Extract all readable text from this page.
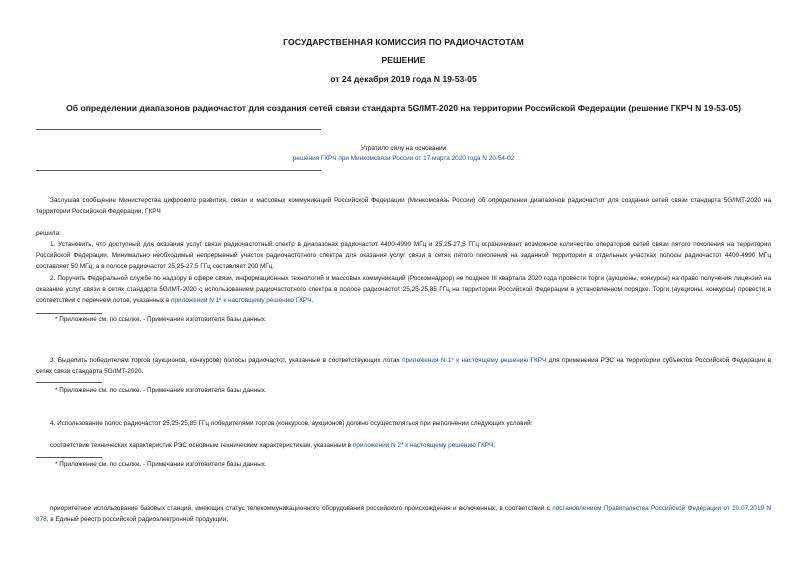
ГОСУДАРСТВЕННАЯ КОМИССИЯ ПО РАДИОЧАСТОТАМ
РЕШЕНИЕ
от 24 декабря 2019 года N 19-53-05
Об определении диапазонов радиочастот для создания сетей связи стандарта 5G/IMT-2020 на территории Российской Федерации (решение ГКРЧ N 19-53-05)
Утратило силу на основании
решения ГКРЧ при Минкомсвязи России от 17 марта 2020 года N 20-54-02
Заслушав сообщение Министерства цифрового развития, связи и массовых коммуникаций Российской Федерации (Минкомсвязь России) об определении диапазонов радиочастот для создания сетей связи стандарта 5G/IMT-2020 на территории Российской Федерации, ГКРЧ
решила:
1. Установить, что доступный для оказания услуг связи радиочастотный спектр в диапазонах радиочастот 4400-4990 МГц и 25,25-27,5 ГГц ограничивает возможное количество операторов сетей связи пятого поколения на территории Российской Федерации. Минимально необходимый непрерывный участок радиочастотного спектра для оказания услуг связи в сетях пятого поколения на заданной территории в отдельных участках полосы радиочастот 4400-4990 МГц составляет 50 МГц, а в полосе радиочастот 25,25-27,5 ГГц составляет 200 МГц.
2. Поручить Федеральной службе по надзору в сфере связи, информационных технологий и массовых коммуникаций (Роскомнадзор) не позднее III квартала 2020 года провести торги (аукционы, конкурсы) на право получения лицензий на оказание услуг связи в сетях стандарта 5G/IMT-2020 с использованием радиочастотного спектра в полосе радиочастот 25,25-25,85 ГГц на территории Российской Федерации в установленном порядке. Торги (аукционы, конкурсы) провести в соответствии с перечнем лотов, указанных в приложении N 1* к настоящему решению ГКРЧ.
* Приложение см. по ссылке. - Примечание изготовителя базы данных.
3. Выделить победителям торгов (аукционов, конкурсов) полосы радиочастот, указанные в соответствующих лотах приложения N 1* к настоящему решению ГКРЧ для применения РЭС на территории субъектов Российской Федерации в сетях связи стандарта 5G/IMT-2020.
* Приложение см. по ссылке. - Примечание изготовителя базы данных.
4. Использование полос радиочастот 25,25-25,85 ГГц победителями торгов (конкурсов, аукционов) должно осуществляться при выполнении следующих условий:
соответствие технических характеристик РЭС основным техническим характеристикам, указанным в приложении N 2* к настоящему решению ГКРЧ;
* Приложение см. по ссылке. - Примечание изготовителя базы данных.
приоритетное использование базовых станций, имеющих статус телекоммуникационного оборудования российского происхождения и включенных, в соответствии с постановлением Правительства Российской Федерации от 10.07.2019 N 878, в Единый реестр российской радиоэлектронной продукции;
